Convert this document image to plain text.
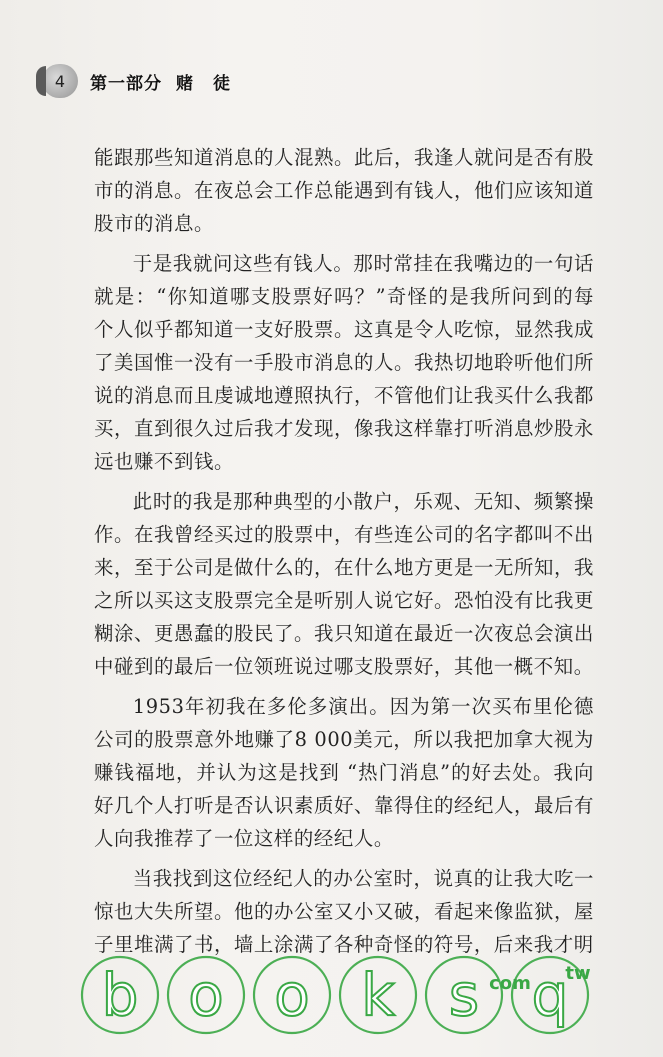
4 第一部分 赌 徒

能跟那些知道消息的人混熟。此后，我逢人就问是否有股市的消息。在夜总会工作总能遇到有钱人，他们应该知道股市的消息。

于是我就问这些有钱人。那时常挂在我嘴边的一句话就是：“你知道哪支股票好吗？”奇怪的是我所问到的每个人似乎都知道一支好股票。这真是令人吃惊，显然我成了美国惟一没有一手股市消息的人。我热切地聆听他们所说的消息而且虔诚地遵照执行，不管他们让我买什么我都买，直到很久过后我才发现，像我这样靠打听消息炒股永远也赚不到钱。

此时的我是那种典型的小散户，乐观、无知、频繁操作。在我曾经买过的股票中，有些连公司的名字都叫不出来，至于公司是做什么的，在什么地方更是一无所知，我之所以买这支股票完全是听别人说它好。恐怕没有比我更糊涂、更愚蠢的股民了。我只知道在最近一次夜总会演出中碰到的最后一位领班说过哪支股票好，其他一概不知。

1953年初我在多伦多演出。因为第一次买布里伦德公司的股票意外地赚了8 000美元，所以我把加拿大视为赚钱福地，并认为这是找到 “热门消息”的好去处。我向好几个人打听是否认识素质好、靠得住的经纪人，最后有人向我推荐了一位这样的经纪人。

当我找到这位经纪人的办公室时，说真的让我大吃一惊也大失所望。他的办公室又小又破，看起来像监狱，屋子里堆满了书，墙上涂满了各种奇怪的符号，后来我才明

b o o k s q
com tw
